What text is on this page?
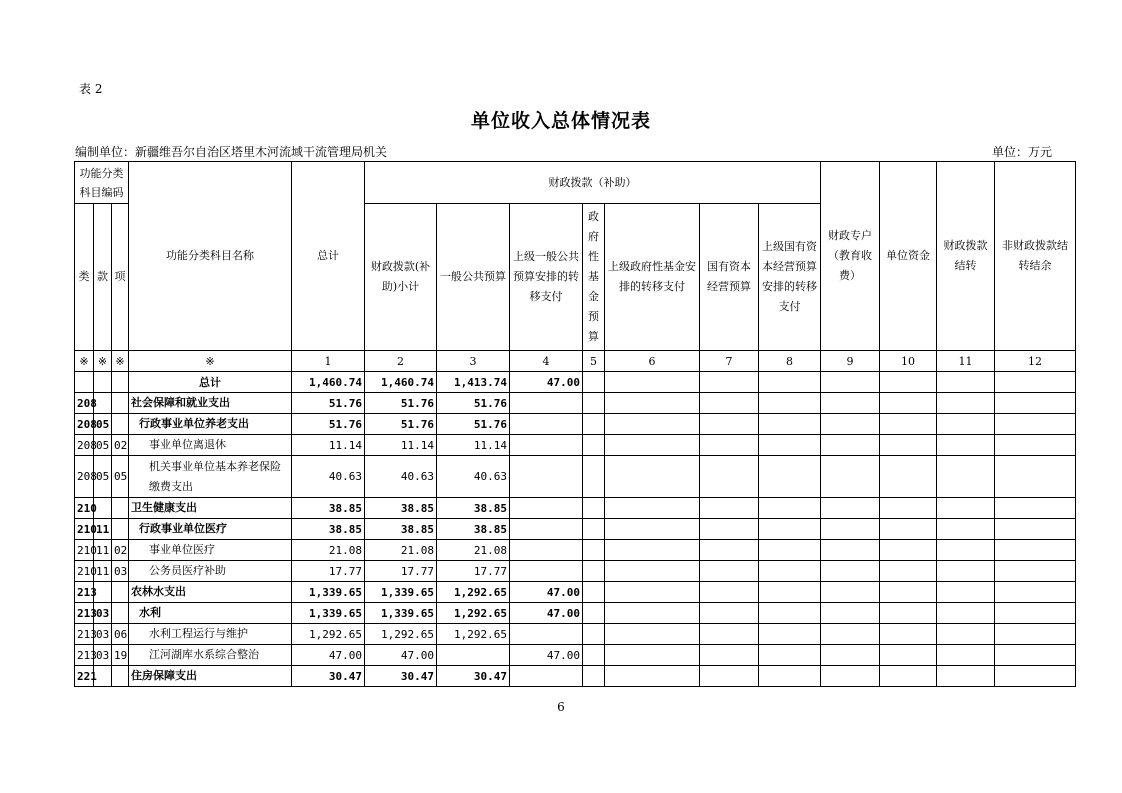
表 2
单位收入总体情况表
编制单位：新疆维吾尔自治区塔里木河流域干流管理局机关	单位：万元
功能分类科目编码			功能分类科目名称	总计	财政拨款（补助）							财政专户（教育收费）	单位资金	财政拨款结转	非财政拨款结转结余
类	款	项			财政拨款(补助)小计	一般公共预算	上级一般公共预算安排的转移支付	政府性基金预算	上级政府性基金安排的转移支付	国有资本经营预算	上级国有资本经营预算安排的转移支付				
※	※	※	※	1	2	3	4	5	6	7	8	9	10	11	12
			总计	1,460.74	1,460.74	1,413.74	47.00								
208			社会保障和就业支出	51.76	51.76	51.76									
208	05		行政事业单位养老支出	51.76	51.76	51.76									
208	05	02	事业单位离退休	11.14	11.14	11.14									
208	05	05	机关事业单位基本养老保险缴费支出	40.63	40.63	40.63									
210			卫生健康支出	38.85	38.85	38.85									
210	11		行政事业单位医疗	38.85	38.85	38.85									
210	11	02	事业单位医疗	21.08	21.08	21.08									
210	11	03	公务员医疗补助	17.77	17.77	17.77									
213			农林水支出	1,339.65	1,339.65	1,292.65	47.00								
213	03		水利	1,339.65	1,339.65	1,292.65	47.00								
213	03	06	水利工程运行与维护	1,292.65	1,292.65	1,292.65									
213	03	19	江河湖库水系综合整治	47.00	47.00		47.00								
221			住房保障支出	30.47	30.47	30.47									
6
